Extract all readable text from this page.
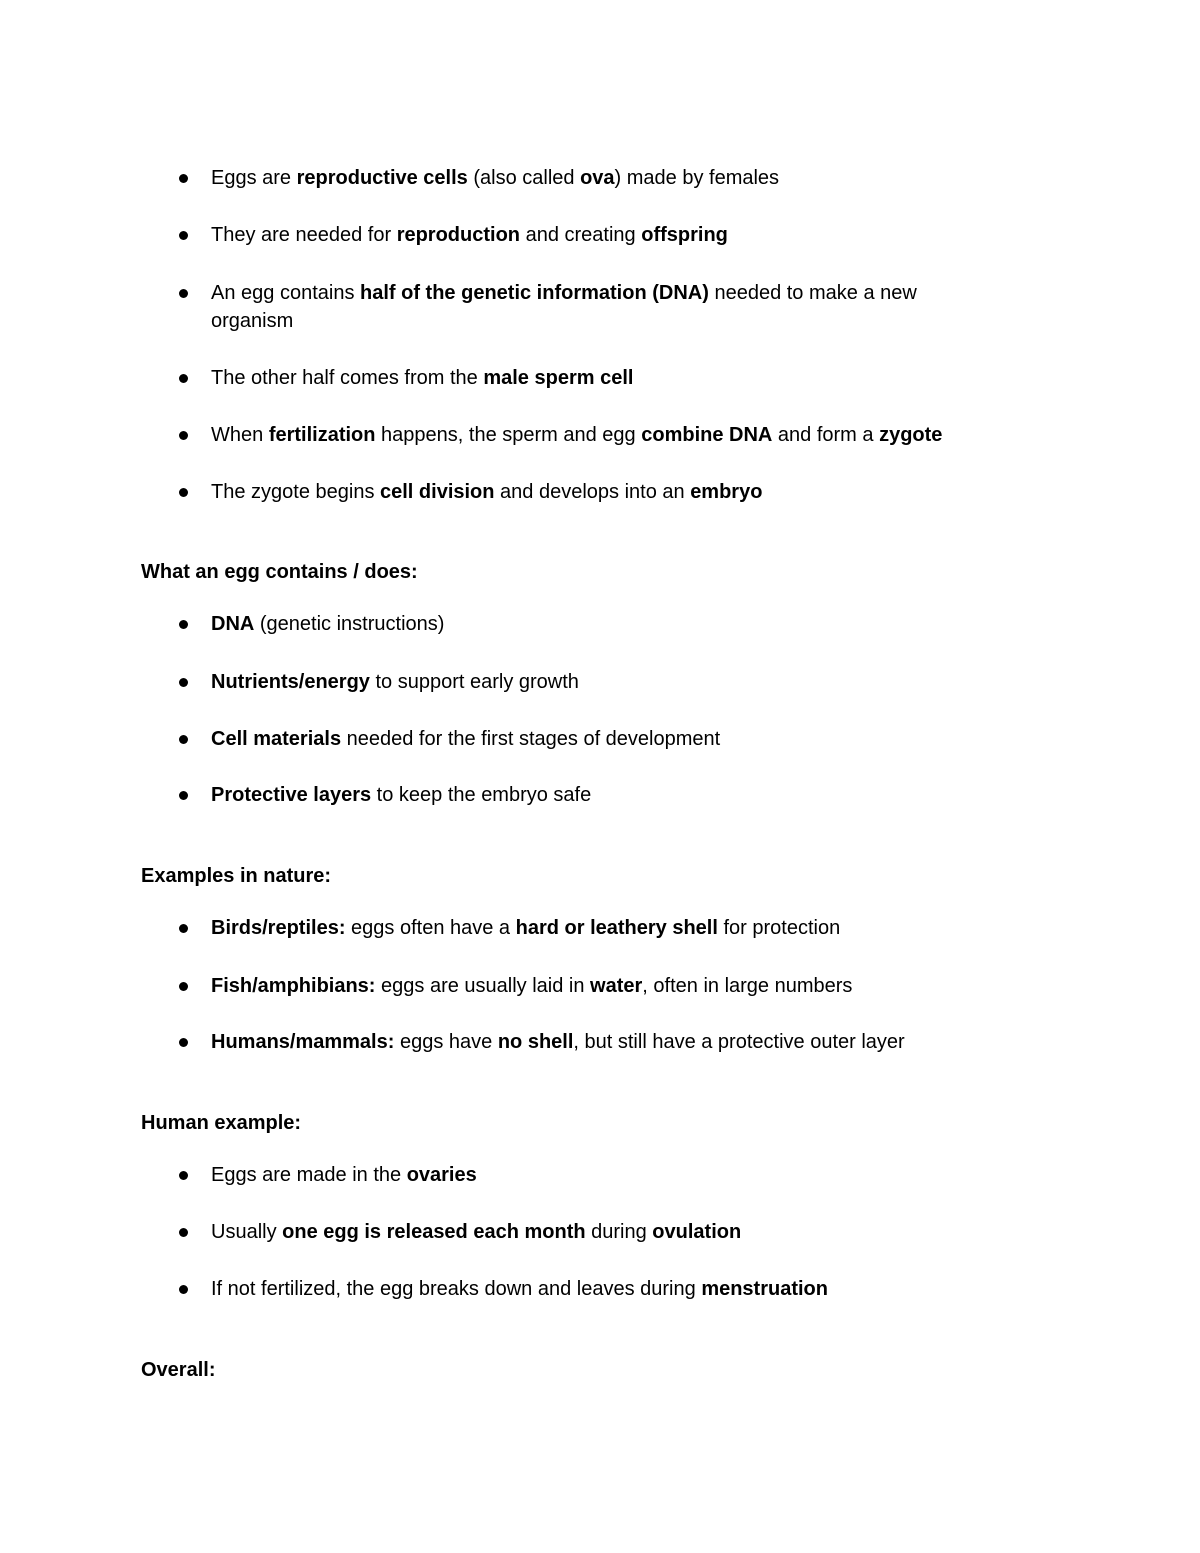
Eggs are reproductive cells (also called ova) made by females
They are needed for reproduction and creating offspring
An egg contains half of the genetic information (DNA) needed to make a new organism
The other half comes from the male sperm cell
When fertilization happens, the sperm and egg combine DNA and form a zygote
The zygote begins cell division and develops into an embryo
What an egg contains / does:
DNA (genetic instructions)
Nutrients/energy to support early growth
Cell materials needed for the first stages of development
Protective layers to keep the embryo safe
Examples in nature:
Birds/reptiles: eggs often have a hard or leathery shell for protection
Fish/amphibians: eggs are usually laid in water, often in large numbers
Humans/mammals: eggs have no shell, but still have a protective outer layer
Human example:
Eggs are made in the ovaries
Usually one egg is released each month during ovulation
If not fertilized, the egg breaks down and leaves during menstruation
Overall:
